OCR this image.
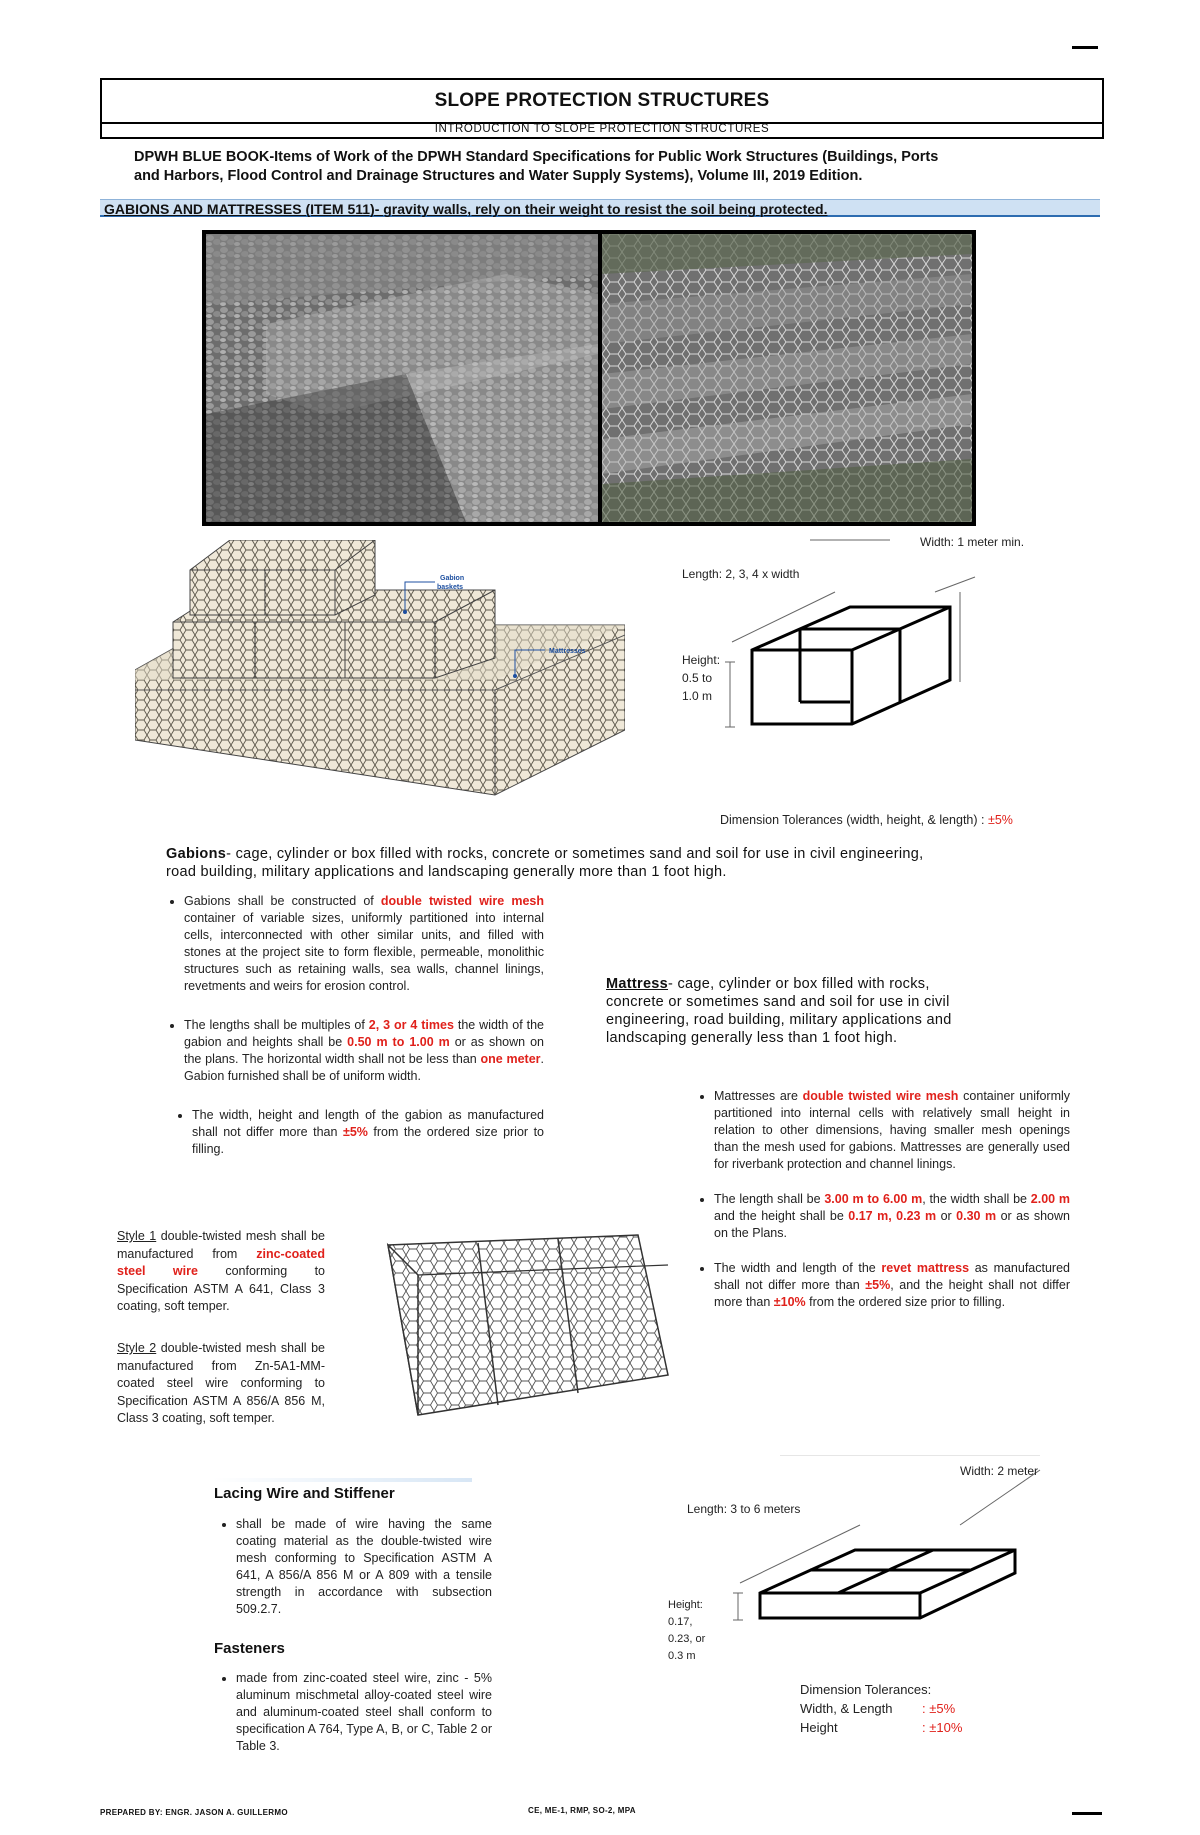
SLOPE PROTECTION STRUCTURES
INTRODUCTION TO SLOPE PROTECTION STRUCTURES
DPWH BLUE BOOK-Items of Work of the DPWH Standard Specifications for Public Work Structures (Buildings, Ports and Harbors, Flood Control and Drainage Structures and Water Supply Systems), Volume III, 2019 Edition.
GABIONS AND MATTRESSES (ITEM 511)- gravity walls, rely on their weight to resist the soil being protected.
Gabion
baskets
Mattresses
Width: 1 meter min.
Length: 2, 3, 4 x width
Height:
0.5 to
1.0 m
Dimension Tolerances (width, height, & length) : ±5%
Gabions- cage, cylinder or box filled with rocks, concrete or sometimes sand and soil for use in civil engineering, road building, military applications and landscaping generally more than 1 foot high.
• Gabions shall be constructed of double twisted wire mesh container of variable sizes, uniformly partitioned into internal cells, interconnected with other similar units, and filled with stones at the project site to form flexible, permeable, monolithic structures such as retaining walls, sea walls, channel linings, revetments and weirs for erosion control.
• The lengths shall be multiples of 2, 3 or 4 times the width of the gabion and heights shall be 0.50 m to 1.00 m or as shown on the plans. The horizontal width shall not be less than one meter. Gabion furnished shall be of uniform width.
• The width, height and length of the gabion as manufactured shall not differ more than ±5% from the ordered size prior to filling.
Mattress- cage, cylinder or box filled with rocks, concrete or sometimes sand and soil for use in civil engineering, road building, military applications and landscaping generally less than 1 foot high.
• Mattresses are double twisted wire mesh container uniformly partitioned into internal cells with relatively small height in relation to other dimensions, having smaller mesh openings than the mesh used for gabions. Mattresses are generally used for riverbank protection and channel linings.
• The length shall be 3.00 m to 6.00 m, the width shall be 2.00 m and the height shall be 0.17 m, 0.23 m or 0.30 m or as shown on the Plans.
• The width and length of the revet mattress as manufactured shall not differ more than ±5%, and the height shall not differ more than ±10% from the ordered size prior to filling.
Style 1 double-twisted mesh shall be manufactured from zinc-coated steel wire conforming to Specification ASTM A 641, Class 3 coating, soft temper.
Style 2 double-twisted mesh shall be manufactured from Zn-5A1-MM-coated steel wire conforming to Specification ASTM A 856/A 856 M, Class 3 coating, soft temper.
Lacing Wire and Stiffener
• shall be made of wire having the same coating material as the double-twisted wire mesh conforming to Specification ASTM A 641, A 856/A 856 M or A 809 with a tensile strength in accordance with subsection 509.2.7.
Fasteners
• made from zinc-coated steel wire, zinc - 5% aluminum mischmetal alloy-coated steel wire and aluminum-coated steel shall conform to specification A 764, Type A, B, or C, Table 2 or Table 3.
Width: 2 meter
Length: 3 to 6 meters
Height:
0.17,
0.23, or
0.3 m
Dimension Tolerances:
Width, & Length : ±5%
Height	: ±10%
PREPARED BY: ENGR. JASON A. GUILLERMO	CE, ME-1, RMP, SO-2, MPA
